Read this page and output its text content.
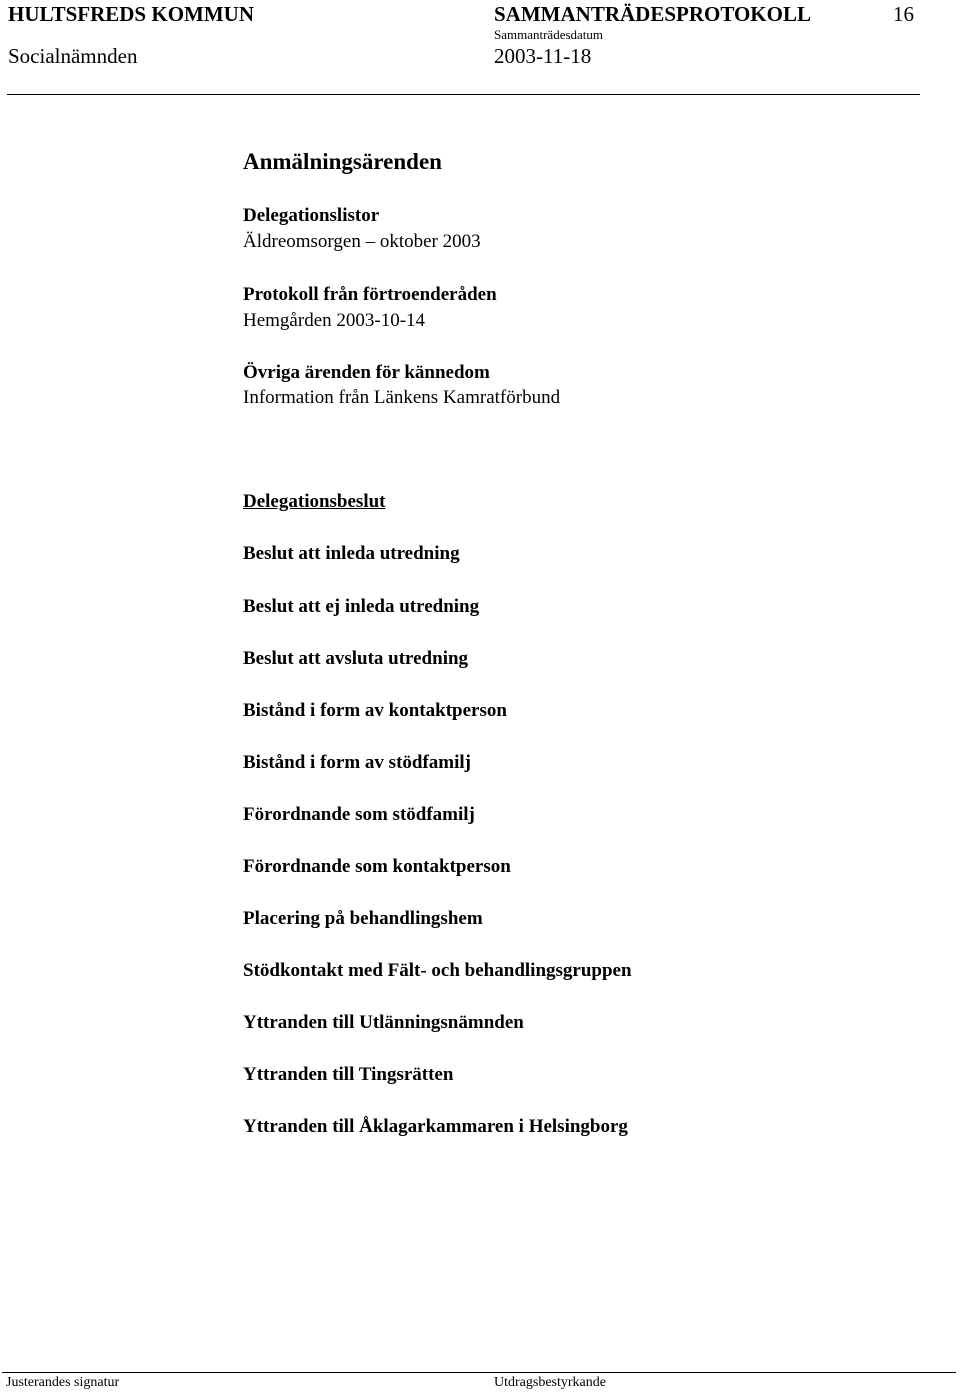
HULTSFREDS KOMMUN	SAMMANTRÄDESPROTOKOLL	16
Sammanträdesdatum
Socialnämnden	2003-11-18
Anmälningsärenden
Delegationslistor
Äldreomsorgen – oktober 2003
Protokoll från förtroenderåden
Hemgården 2003-10-14
Övriga ärenden för kännedom
Information från Länkens Kamratförbund
Delegationsbeslut
Beslut att inleda utredning
Beslut att ej inleda utredning
Beslut att avsluta utredning
Bistånd i form av kontaktperson
Bistånd i form av stödfamilj
Förordnande som stödfamilj
Förordnande som kontaktperson
Placering på behandlingshem
Stödkontakt med Fält- och behandlingsgruppen
Yttranden till Utlänningsnämnden
Yttranden till Tingsrätten
Yttranden till Åklagarkammaren i Helsingborg
Justerandes signatur	Utdragsbestyrkande
